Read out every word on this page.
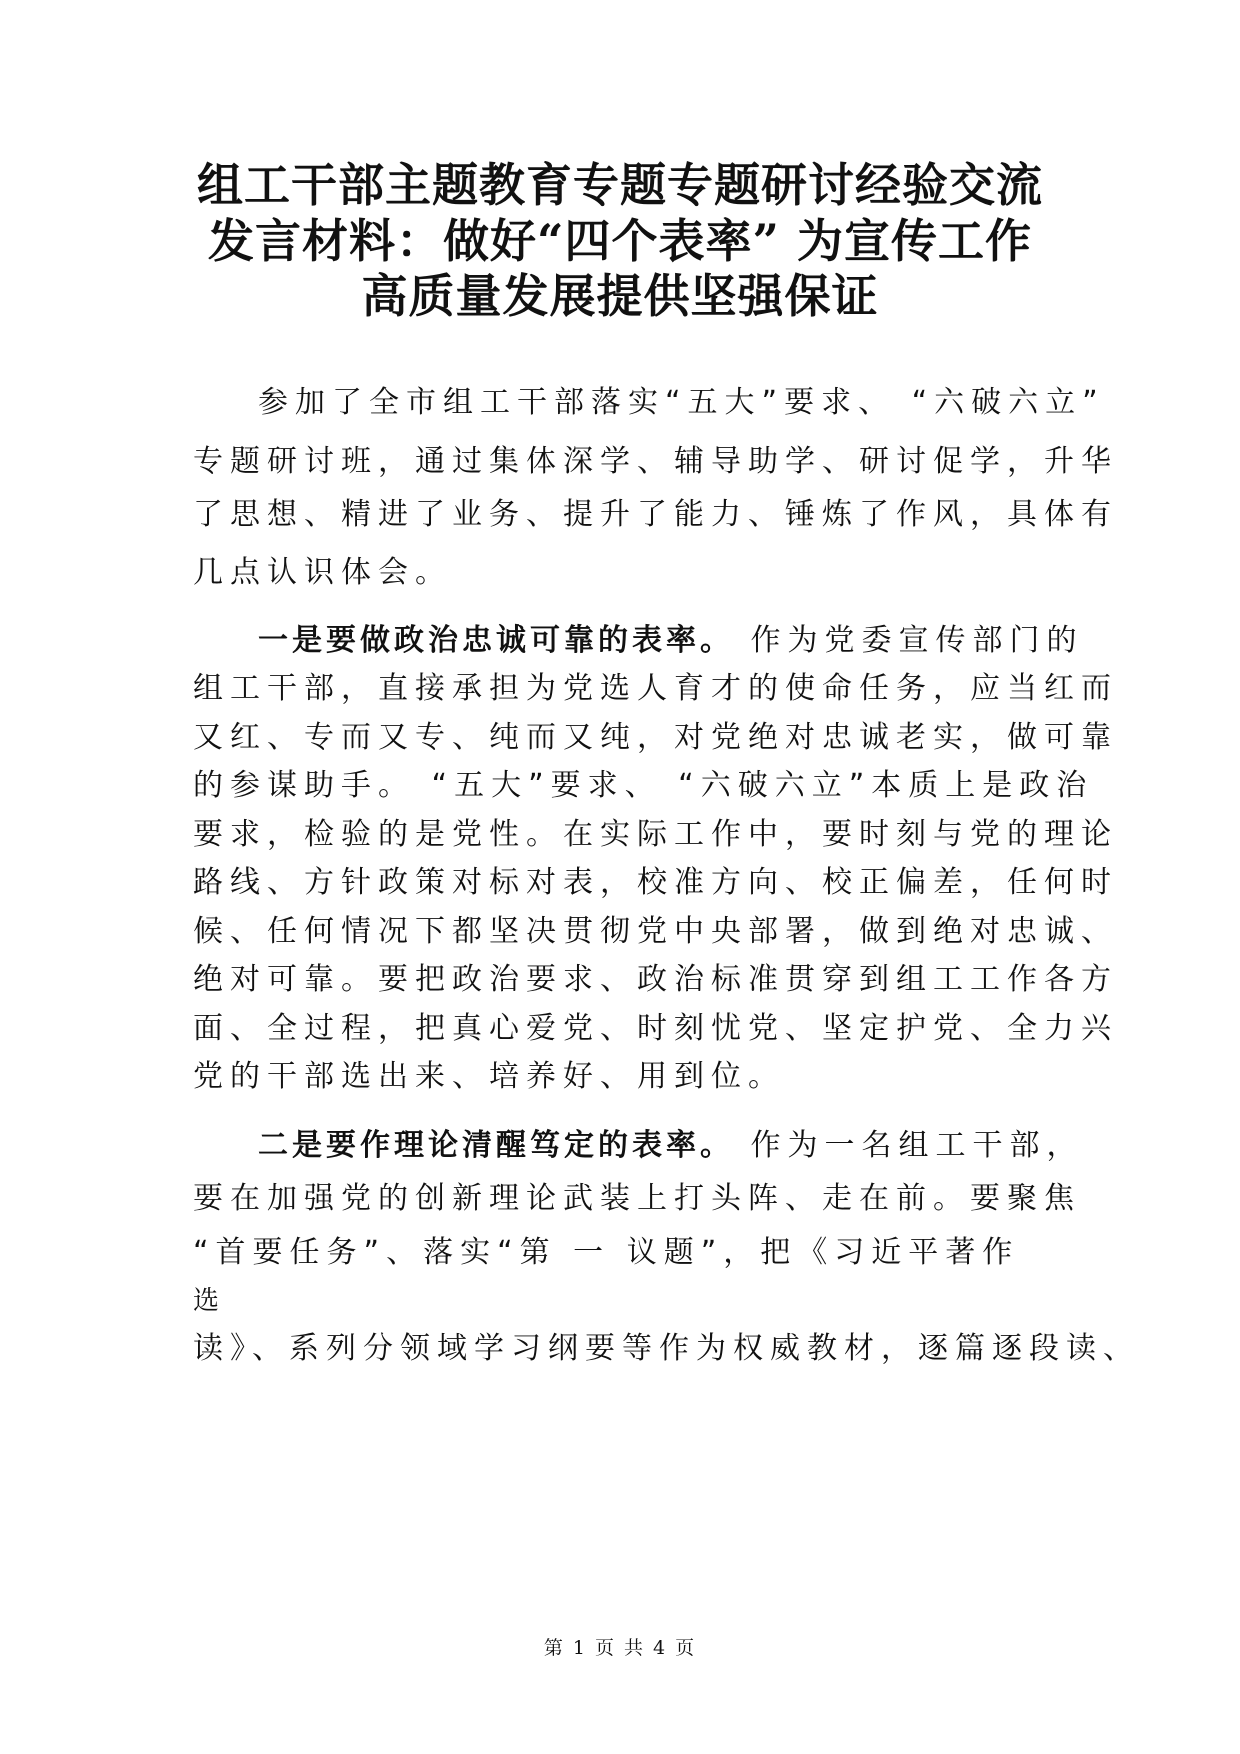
组工干部主题教育专题专题研讨经验交流
发言材料：做好“四个表率” 为宣传工作
高质量发展提供坚强保证
参加了全市组工干部落实“五大”要求、 “六破六立”
专题研讨班，通过集体深学、辅导助学、研讨促学，升华
了思想、精进了业务、提升了能力、锤炼了作风，具体有
几点认识体会。
一是要做政治忠诚可靠的表率。 作为党委宣传部门的
组工干部，直接承担为党选人育才的使命任务，应当红而
又红、专而又专、纯而又纯，对党绝对忠诚老实，做可靠
的参谋助手。 “五大”要求、 “六破六立”本质上是政治
要求，检验的是党性。在实际工作中，要时刻与党的理论
路线、方针政策对标对表，校准方向、校正偏差，任何时
候、任何情况下都坚决贯彻党中央部署，做到绝对忠诚、
绝对可靠。要把政治要求、政治标准贯穿到组工工作各方
面、全过程，把真心爱党、时刻忧党、坚定护党、全力兴
党的干部选出来、培养好、用到位。
二是要作理论清醒笃定的表率。 作为一名组工干部，
要在加强党的创新理论武装上打头阵、走在前。要聚焦
“首要任务”、落实“第 一 议题”，把《习近平著作
选
读》、系列分领域学习纲要等作为权威教材，逐篇逐段读、
第 1 页 共 4 页
